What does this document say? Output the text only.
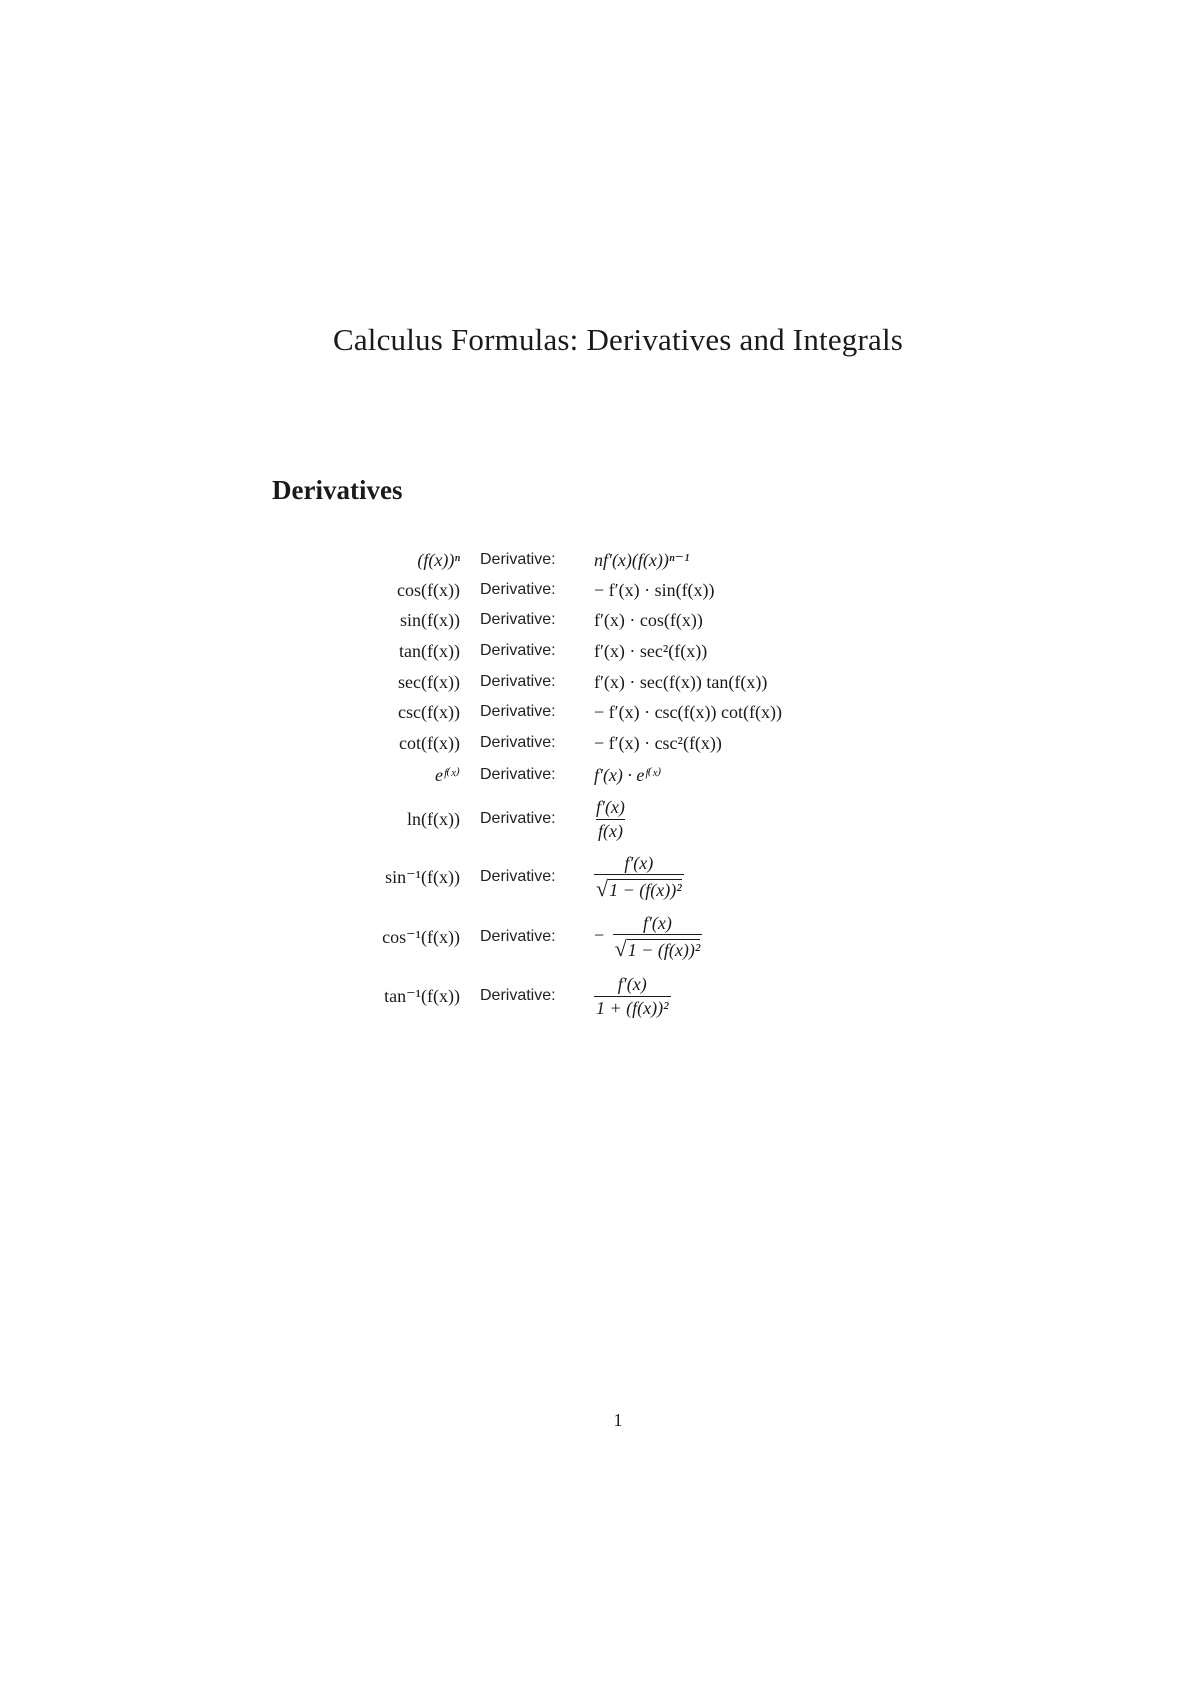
Calculus Formulas: Derivatives and Integrals
Derivatives
(f(x))ⁿ	Derivative:	nf′(x)(f(x))ⁿ⁻¹
cos(f(x))	Derivative:	− f′(x) · sin(f(x))
sin(f(x))	Derivative:	f′(x) · cos(f(x))
tan(f(x))	Derivative:	f′(x) · sec²(f(x))
sec(f(x))	Derivative:	f′(x) · sec(f(x)) tan(f(x))
csc(f(x))	Derivative:	− f′(x) · csc(f(x)) cot(f(x))
cot(f(x))	Derivative:	− f′(x) · csc²(f(x))
eᶠ⁽ˣ⁾	Derivative:	f′(x) · eᶠ⁽ˣ⁾
ln(f(x))	Derivative:	$\frac{f'(x)}{f(x)}$
sin⁻¹(f(x))	Derivative:	$\frac{f'(x)}{\text{√1 − (f(x))²}}$
cos⁻¹(f(x))	Derivative:	− $\frac{f'(x)}{\text{√1 − (f(x))²}}$
tan⁻¹(f(x))	Derivative:	$\frac{f'(x)}{\text{1 + (f(x))²}}$
1
